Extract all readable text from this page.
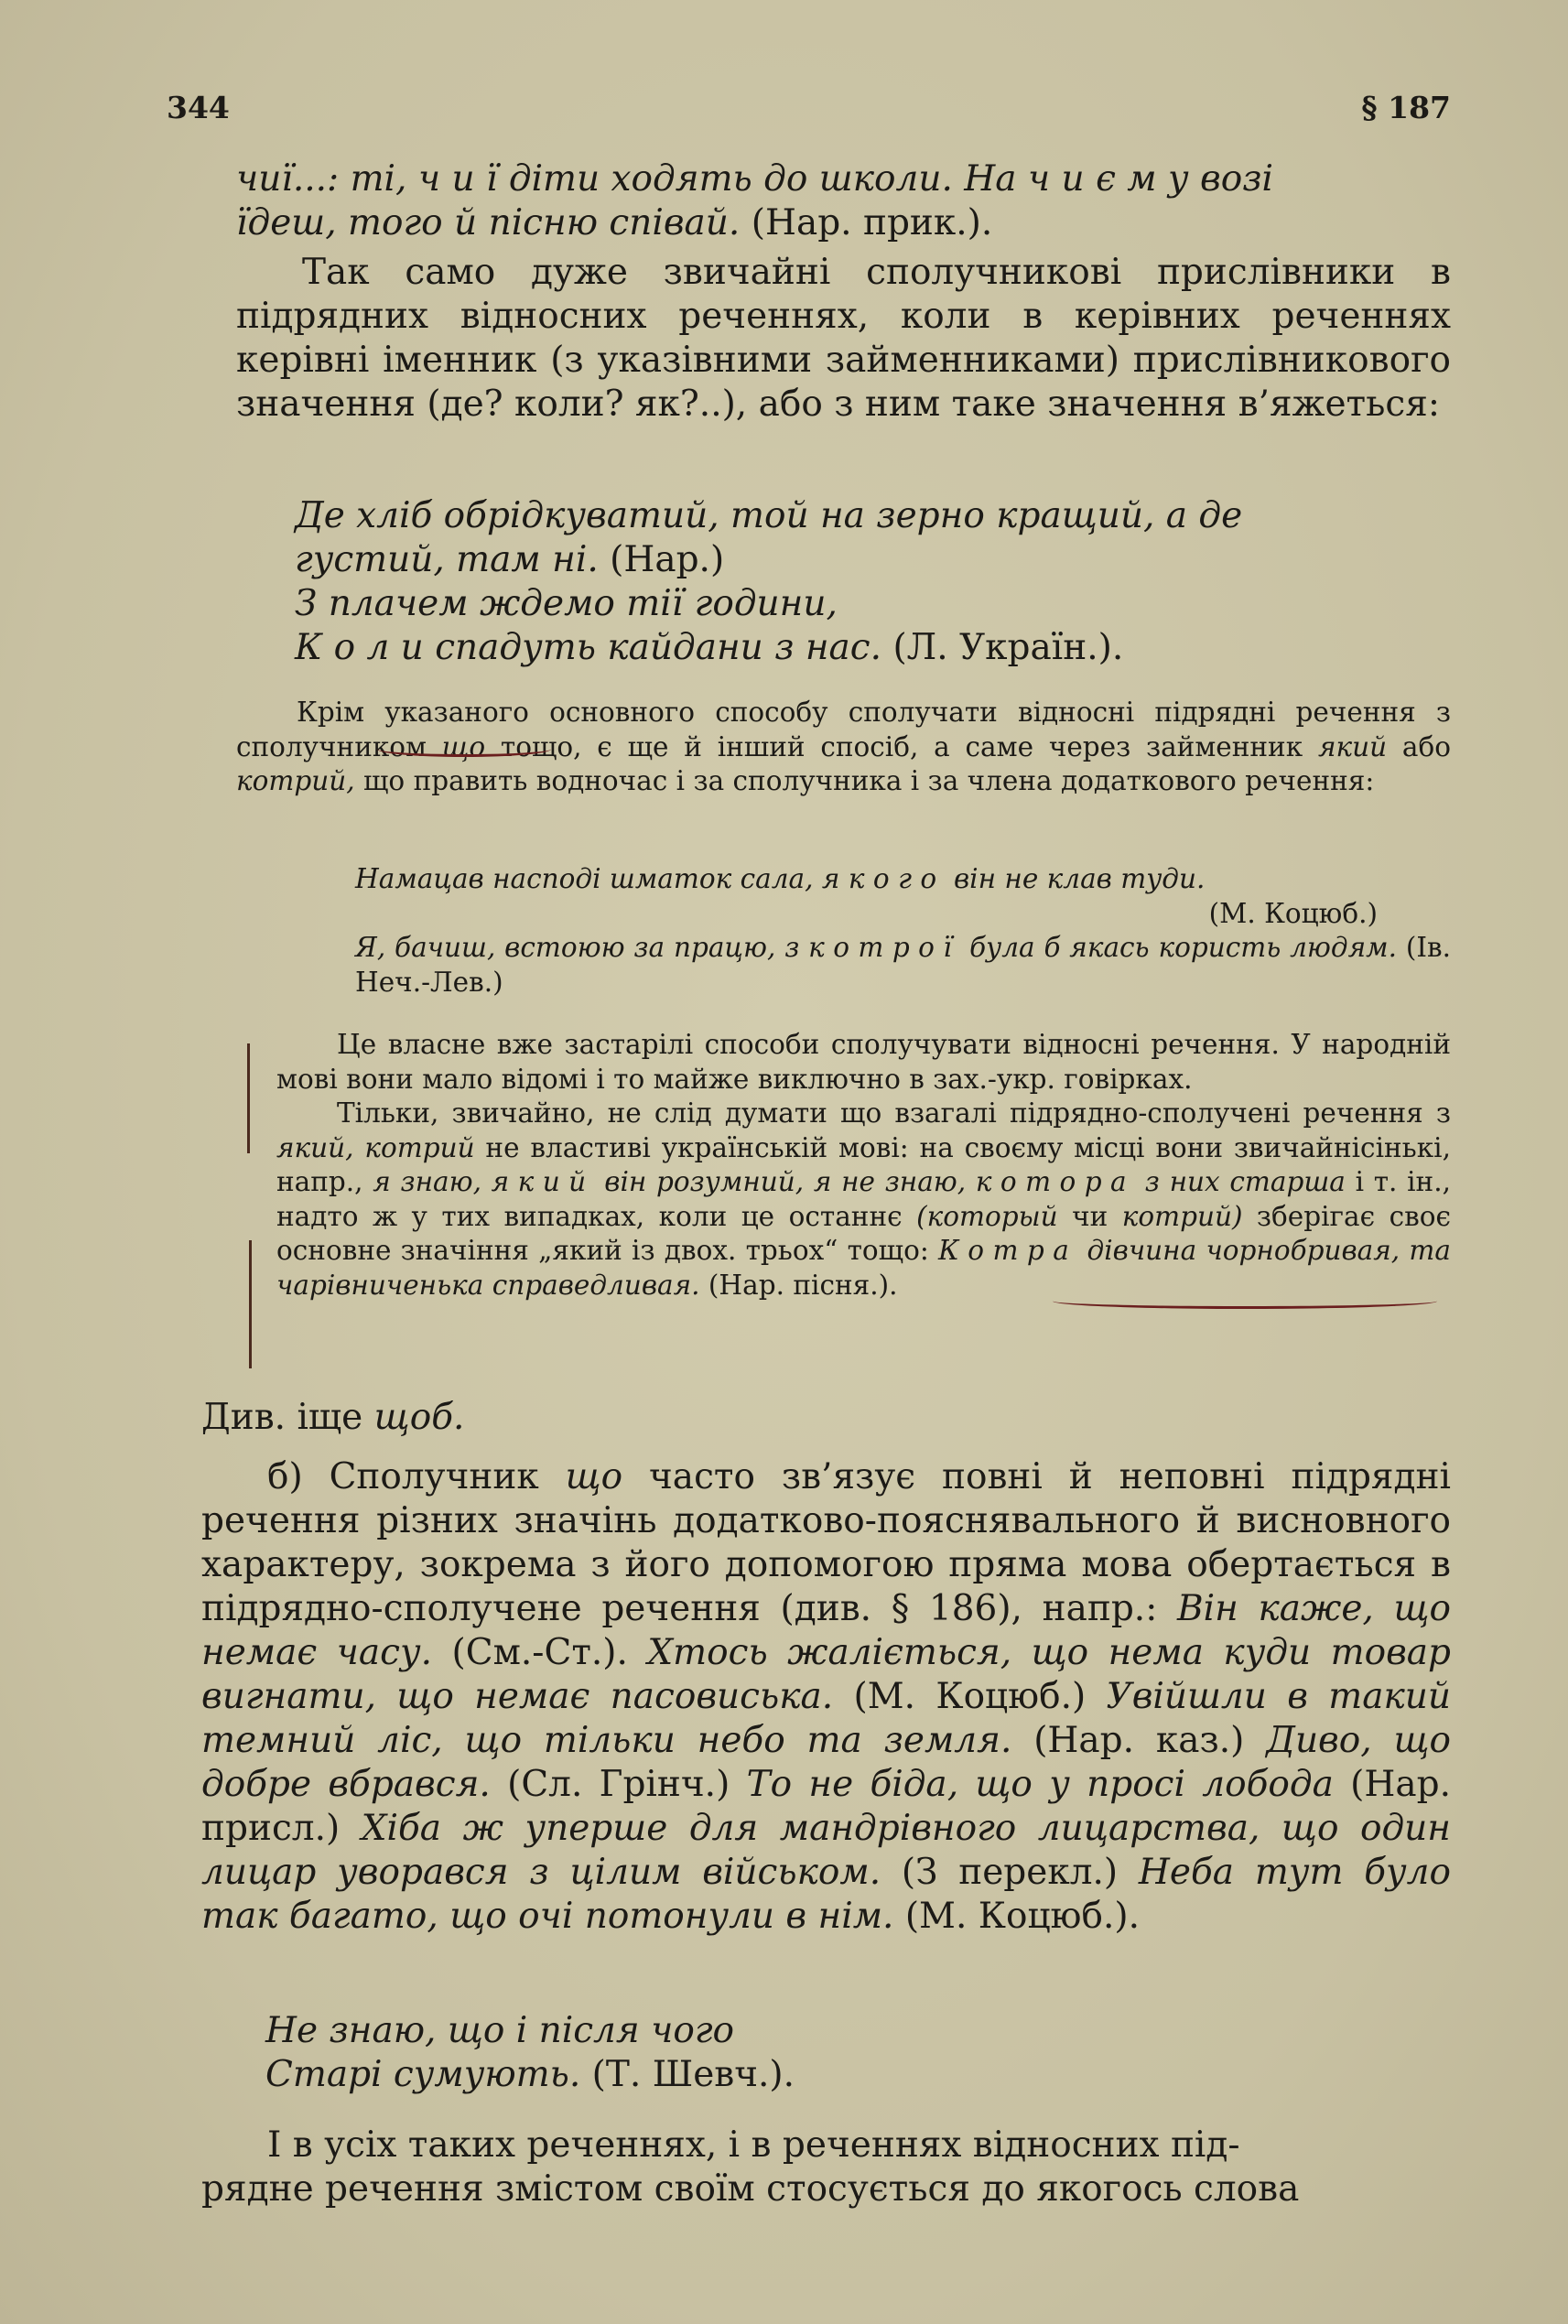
344	§ 187

чиї...: ті, ч и ї діти ходять до школи. На ч и є м у возі

їдеш, того й пісню співай. (Нар. прик.).

Так само дуже звичайні сполучникові прислівники в підрядних відносних реченнях, коли в керівних реченнях керівні іменник (з указівними займенниками) прислівникового значення (де? коли? як?..), або з ним таке значення в’яжеться:

Де хліб обрідкуватий, той на зерно кращий, а де
густий, там ні. (Нар.)
З плачем ждемо тії години,
К о л и спадуть кайдани з нас. (Л. Україн.).

Крім указаного основного способу сполучати відносні підрядні речення з сполучником що тощо, є ще й інший спосіб, а саме через займенник який або котрий, що править водночас і за сполучника і за члена додаткового речення:

Намацав насподі шматок сала, якого він не клав туди.

(М. Коцюб.)

Я, бачиш, встоюю за працю, з котрої була б якась користь людям. (Ів. Неч.-Лев.)

Це власне вже застарілі способи сполучувати відносні речення. У народній мові вони мало відомі і то майже виключно в зах.-укр. говірках.

Тільки, звичайно, не слід думати що взагалі підрядно-сполучені речення з який, котрий не властиві українській мові: на своєму місці вони звичайнісінькі, напр., я знаю, який він розумний, я не знаю, котора з них старша і т. ін., надто ж у тих випадках, коли це останнє (который чи котрий) зберігає своє основне значіння „який із двох. трьох“ тощо: Котра дівчина чорнобривая, та чарівниченька справедливая. (Нар. пісня.).

Див. іще щоб.

б) Сполучник що часто зв’язує повні й неповні підрядні речення різних значінь додатково-пояснявального й висновного характеру, зокрема з його допомогою пряма мова обертається в підрядно-сполучене речення (див. § 186), напр.: Він каже, що немає часу. (См.-Ст.). Хтось жаліється, що нема куди товар вигнати, що немає пасовиська. (М. Коцюб.) Увійшли в такий темний ліс, що тільки небо та земля. (Нар. каз.) Диво, що добре вбрався. (Сл. Грінч.) То не біда, що у просі лобода (Нар. присл.) Хіба ж уперше для мандрівного лицарства, що один лицар уворався з цілим військом. (З перекл.) Неба тут було так багато, що очі потонули в нім. (М. Коцюб.).

Не знаю, що і після чого
Старі сумують. (Т. Шевч.).

І в усіх таких реченнях, і в реченнях відносних під-

рядне речення змістом своїм стосується до якогось слова
